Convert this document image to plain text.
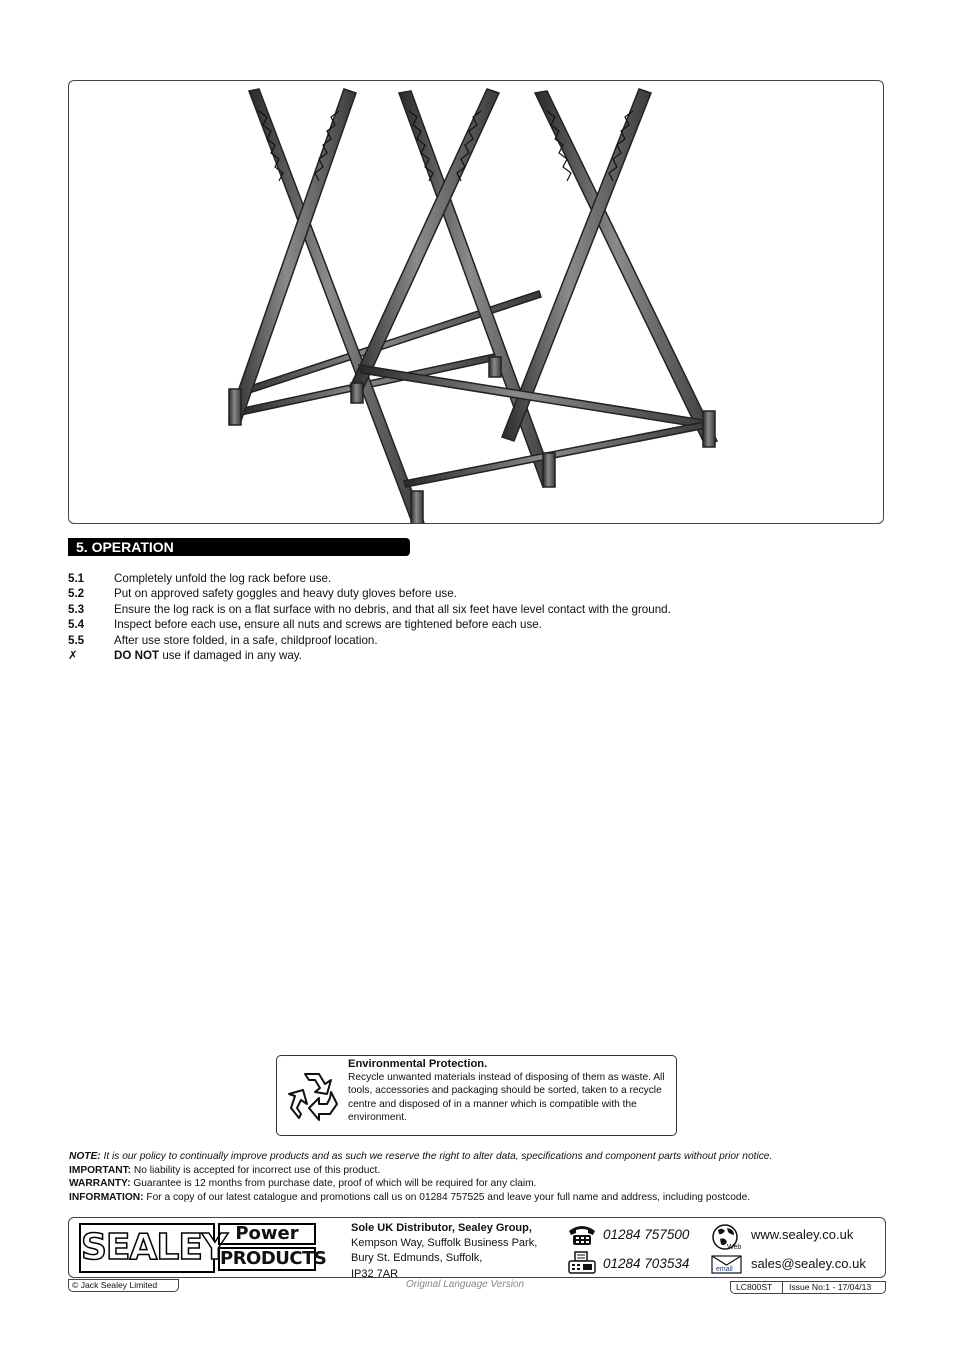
5. OPERATION
5.1	Completely unfold the log rack before use.
5.2	Put on approved safety goggles and heavy duty gloves before use.
5.3	Ensure the log rack is on a flat surface with no debris, and that all six feet have level contact with the ground.
5.4	Inspect before each use, ensure all nuts and screws are tightened before each use.
5.5	After use store folded, in a safe, childproof location.
✗	DO NOT use if damaged in any way.
Environmental Protection.
Recycle unwanted materials instead of disposing of them as waste. All tools, accessories and packaging should be sorted, taken to a recycle centre and disposed of in a manner which is compatible with the environment.
NOTE: It is our policy to continually improve products and as such we reserve the right to alter data, specifications and component parts without prior notice.
IMPORTANT: No liability is accepted for incorrect use of this product.
WARRANTY: Guarantee is 12 months from purchase date, proof of which will be required for any claim.
INFORMATION: For a copy of our latest catalogue and promotions call us on 01284 757525 and leave your full name and address, including postcode.
SEALEY Power
PRODUCTS
Sole UK Distributor, Sealey Group,
Kempson Way, Suffolk Business Park,
Bury St. Edmunds, Suffolk,
IP32 7AR
01284 757500
01284 703534
Web
www.sealey.co.uk
email sales@sealey.co.uk
© Jack Sealey Limited	Original Language Version	LC800ST Issue No:1 - 17/04/13
